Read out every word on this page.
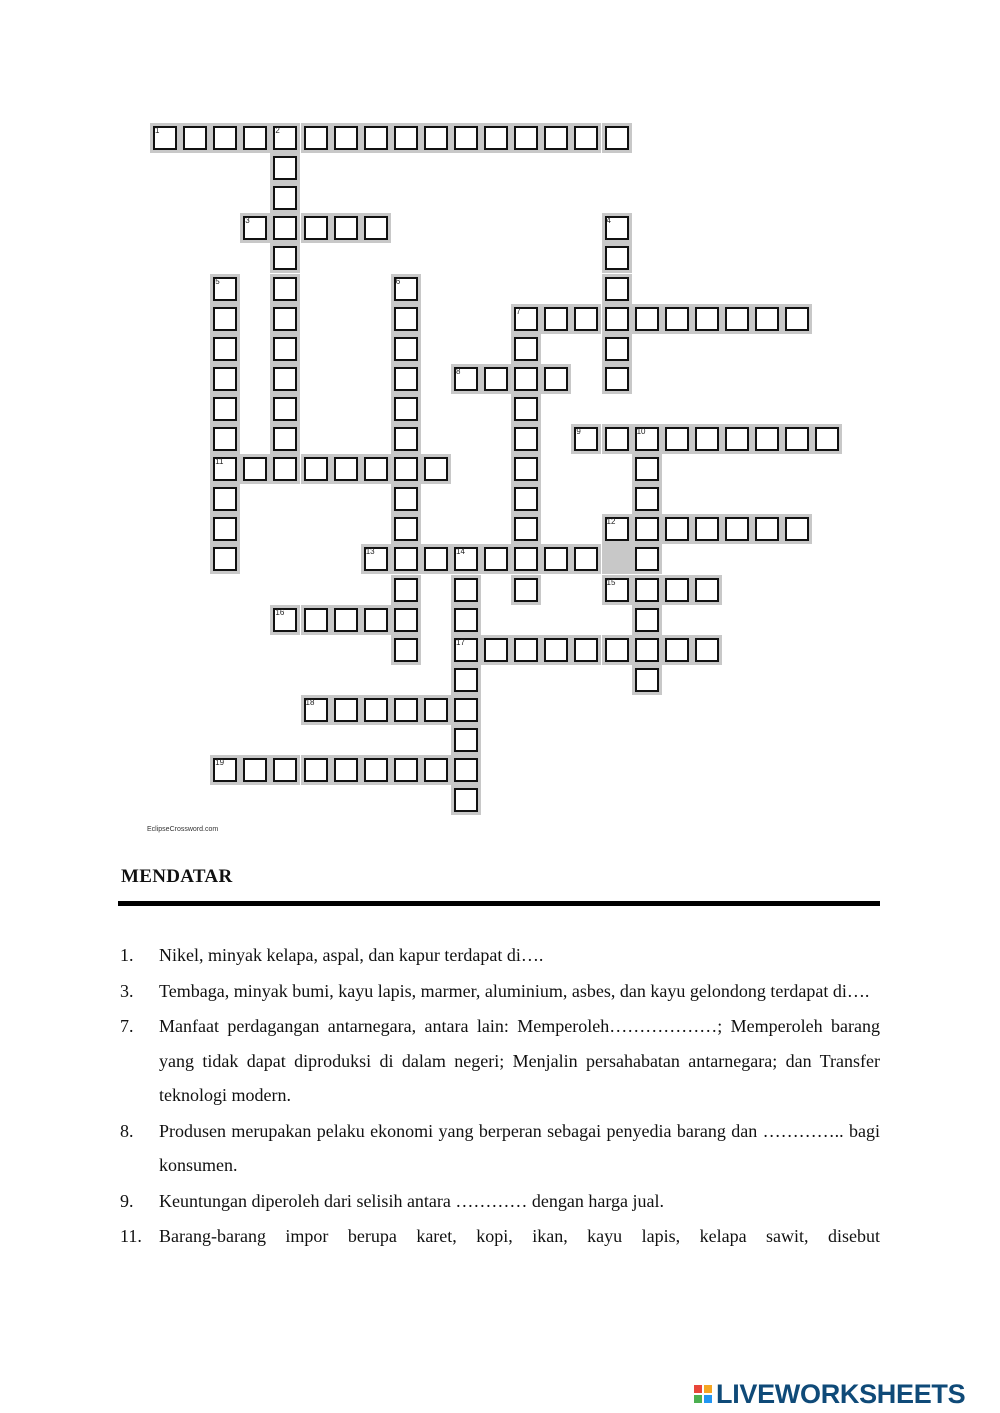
1	2
3	4
5
11
6
7
8
9	10
12
13	14
17
15
16
18
19
EclipseCrossword.com
MENDATAR
1.	Nikel, minyak kelapa, aspal, dan kapur terdapat di….
3.	Tembaga, minyak bumi, kayu lapis, marmer, aluminium, asbes, dan kayu gelondong terdapat di….
7.	Manfaat perdagangan antarnegara, antara lain: Memperoleh………………; Memperoleh barang yang tidak dapat diproduksi di dalam negeri; Menjalin persahabatan antarnegara; dan Transfer teknologi modern.
8.	Produsen merupakan pelaku ekonomi yang berperan sebagai penyedia barang dan ………….. bagi konsumen.
9.	Keuntungan diperoleh dari selisih antara ………… dengan harga jual.
11. Barang-barang impor berupa karet, kopi, ikan, kayu lapis, kelapa sawit, disebut
LIVEWORKSHEETS
